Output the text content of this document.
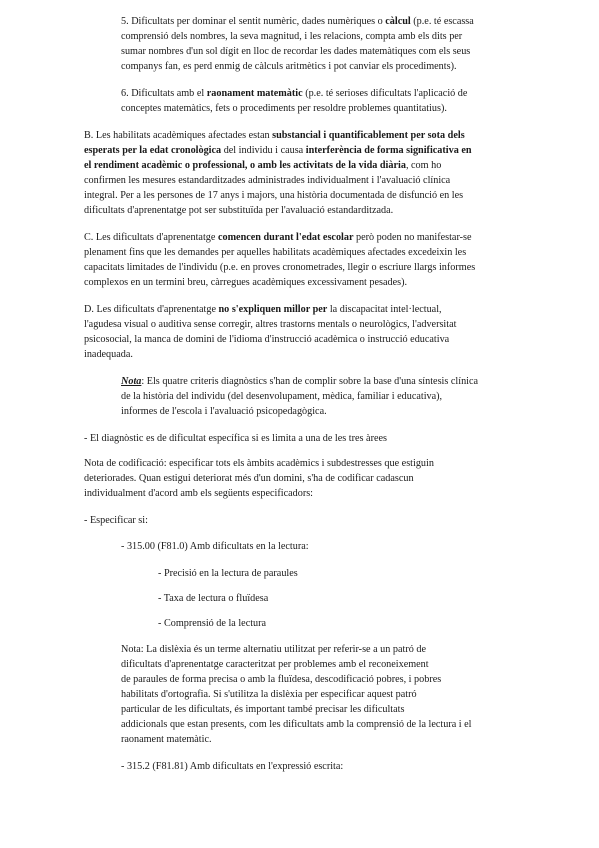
5. Dificultats per dominar el sentit numèric, dades numèriques o càlcul (p.e. té escassa
comprensió dels nombres, la seva magnitud, i les relacions, compta amb els dits per
sumar nombres d'un sol dígit en lloc de recordar les dades matemàtiques com els seus
companys fan, es perd enmig de càlculs aritmètics i pot canviar els procediments).
6. Dificultats amb el raonament matemàtic (p.e. té serioses dificultats l'aplicació de
conceptes matemàtics, fets o procediments per resoldre problemes quantitatius).
B. Les habilitats acadèmiques afectades estan substancial i quantificablement per sota dels
esperats per la edat cronològica del individu i causa interferència de forma significativa en
el rendiment acadèmic o professional, o amb les activitats de la vida diària, com ho
confirmen les mesures estandarditzades administrades individualment i l'avaluació clínica
integral. Per a les persones de 17 anys i majors, una història documentada de disfunció en les
dificultats d'aprenentatge pot ser substituïda per l'avaluació estandarditzada.
C. Les dificultats d'aprenentatge comencen durant l'edat escolar però poden no manifestar-se
plenament fins que les demandes per aquelles habilitats acadèmiques afectades excedeixin les
capacitats limitades de l'individu (p.e. en proves cronometrades, llegir o escriure llargs informes
complexos en un termini breu, càrregues acadèmiques excessivament pesades).
D. Les dificultats d'aprenentatge no s'expliquen millor per la discapacitat intel·lectual,
l'agudesa visual o auditiva sense corregir, altres trastorns mentals o neurològics, l'adversitat
psicosocial, la manca de domini de l'idioma d'instrucció acadèmica o instrucció educativa
inadequada.
Nota: Els quatre criteris diagnòstics s'han de complir sobre la base d'una síntesis clínica
de la història del individu (del desenvolupament, mèdica, familiar i educativa),
informes de l'escola i l'avaluació psicopedagògica.
- El diagnòstic es de dificultat específica si es limita a una de les tres àrees
Nota de codificació: especificar tots els àmbits acadèmics i subdestresses que estiguin
deteriorades. Quan estigui deteriorat més d'un domini, s'ha de codificar cadascun
individualment d'acord amb els següents especificadors:
- Especificar si:
- 315.00 (F81.0) Amb dificultats en la lectura:
- Precisió en la lectura de paraules
- Taxa de lectura o fluïdesa
- Comprensió de la lectura
Nota: La dislèxia és un terme alternatiu utilitzat per referir-se a un patró de
dificultats d'aprenentatge caracteritzat per problemes amb el reconeixement
de paraules de forma precisa o amb la fluïdesa, descodificació pobres, i pobres
habilitats d'ortografia. Si s'utilitza la dislèxia per especificar aquest patró
particular de les dificultats, és important també precisar les dificultats
addicionals que estan presents, com les dificultats amb la comprensió de la lectura i el
raonament matemàtic.
- 315.2 (F81.81) Amb dificultats en l'expressió escrita:
